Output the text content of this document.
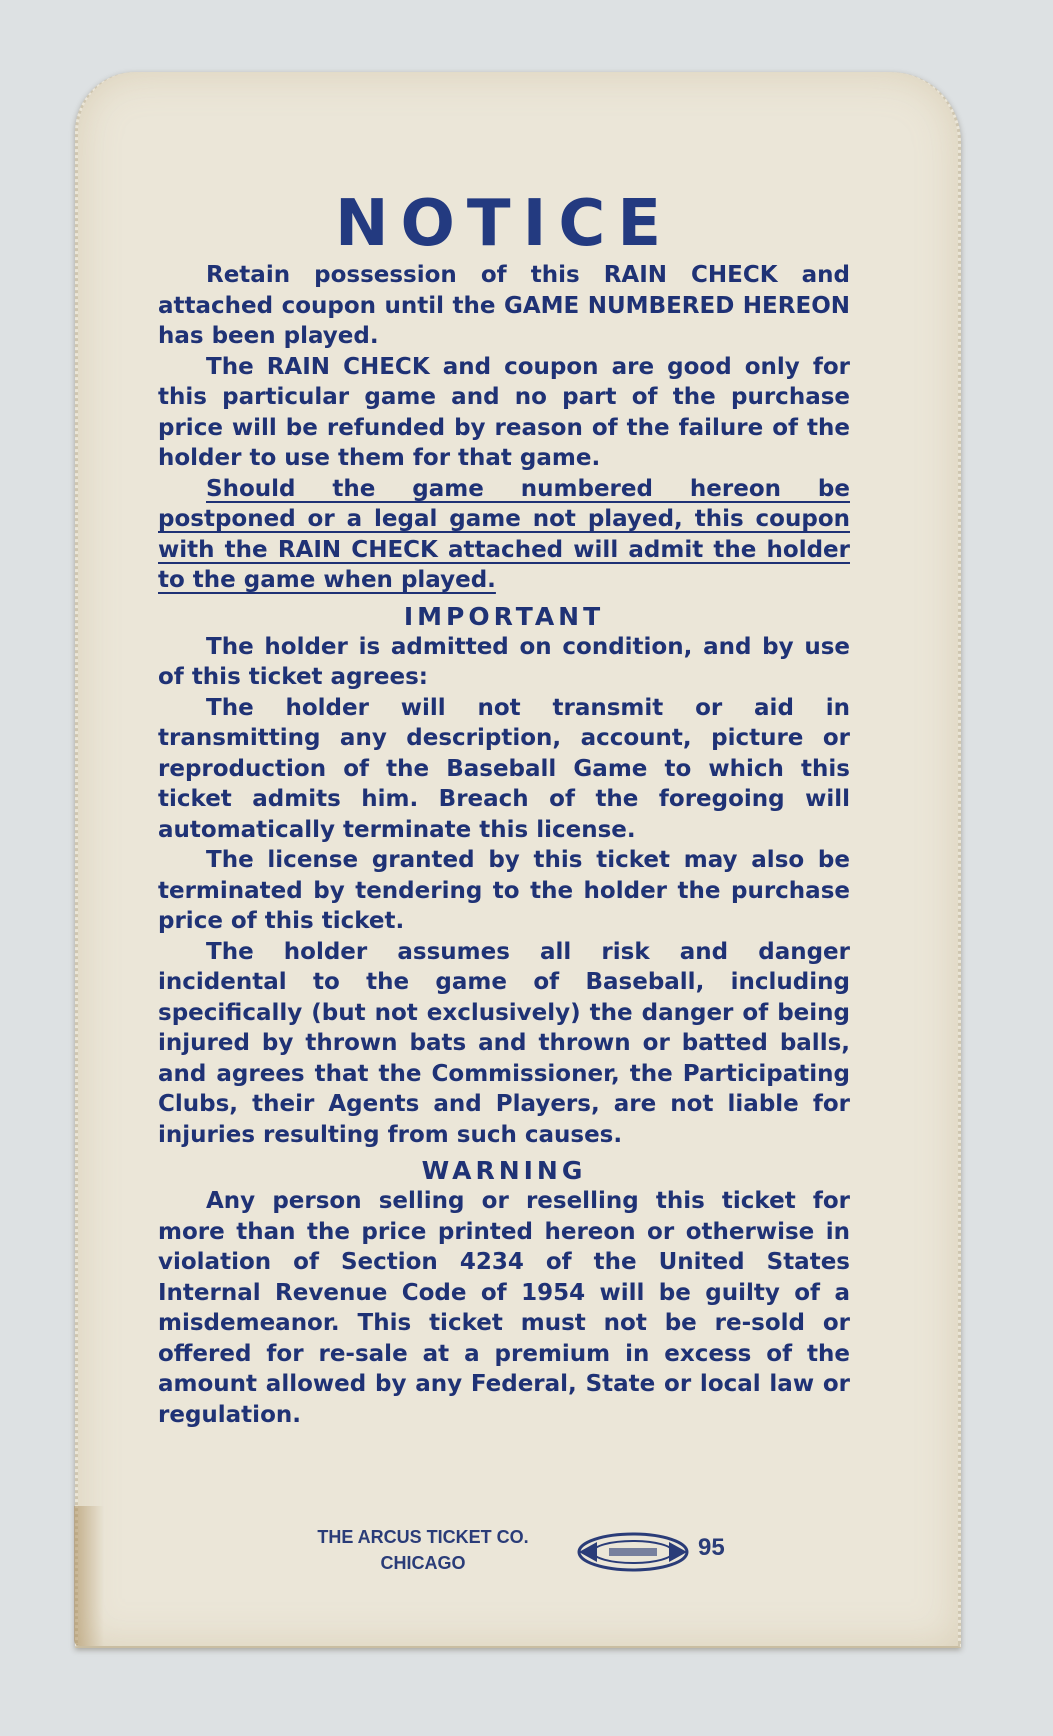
NOTICE

Retain possession of this RAIN CHECK and attached coupon until the GAME NUMBERED HEREON has been played.

The RAIN CHECK and coupon are good only for this particular game and no part of the purchase price will be refunded by reason of the failure of the holder to use them for that game.

Should the game numbered hereon be postponed or a legal game not played, this coupon with the RAIN CHECK attached will admit the holder to the game when played.

IMPORTANT

The holder is admitted on condition, and by use of this ticket agrees:

The holder will not transmit or aid in transmitting any description, account, picture or reproduction of the Baseball Game to which this ticket admits him. Breach of the foregoing will automatically terminate this license.

The license granted by this ticket may also be terminated by tendering to the holder the purchase price of this ticket.

The holder assumes all risk and danger incidental to the game of Baseball, including specifically (but not exclusively) the danger of being injured by thrown bats and thrown or batted balls, and agrees that the Commissioner, the Participating Clubs, their Agents and Players, are not liable for injuries resulting from such causes.

WARNING

Any person selling or reselling this ticket for more than the price printed hereon or otherwise in violation of Section 4234 of the United States Internal Revenue Code of 1954 will be guilty of a misdemeanor. This ticket must not be re-sold or offered for re-sale at a premium in excess of the amount allowed by any Federal, State or local law or regulation.

THE ARCUS TICKET CO.
CHICAGO
95
